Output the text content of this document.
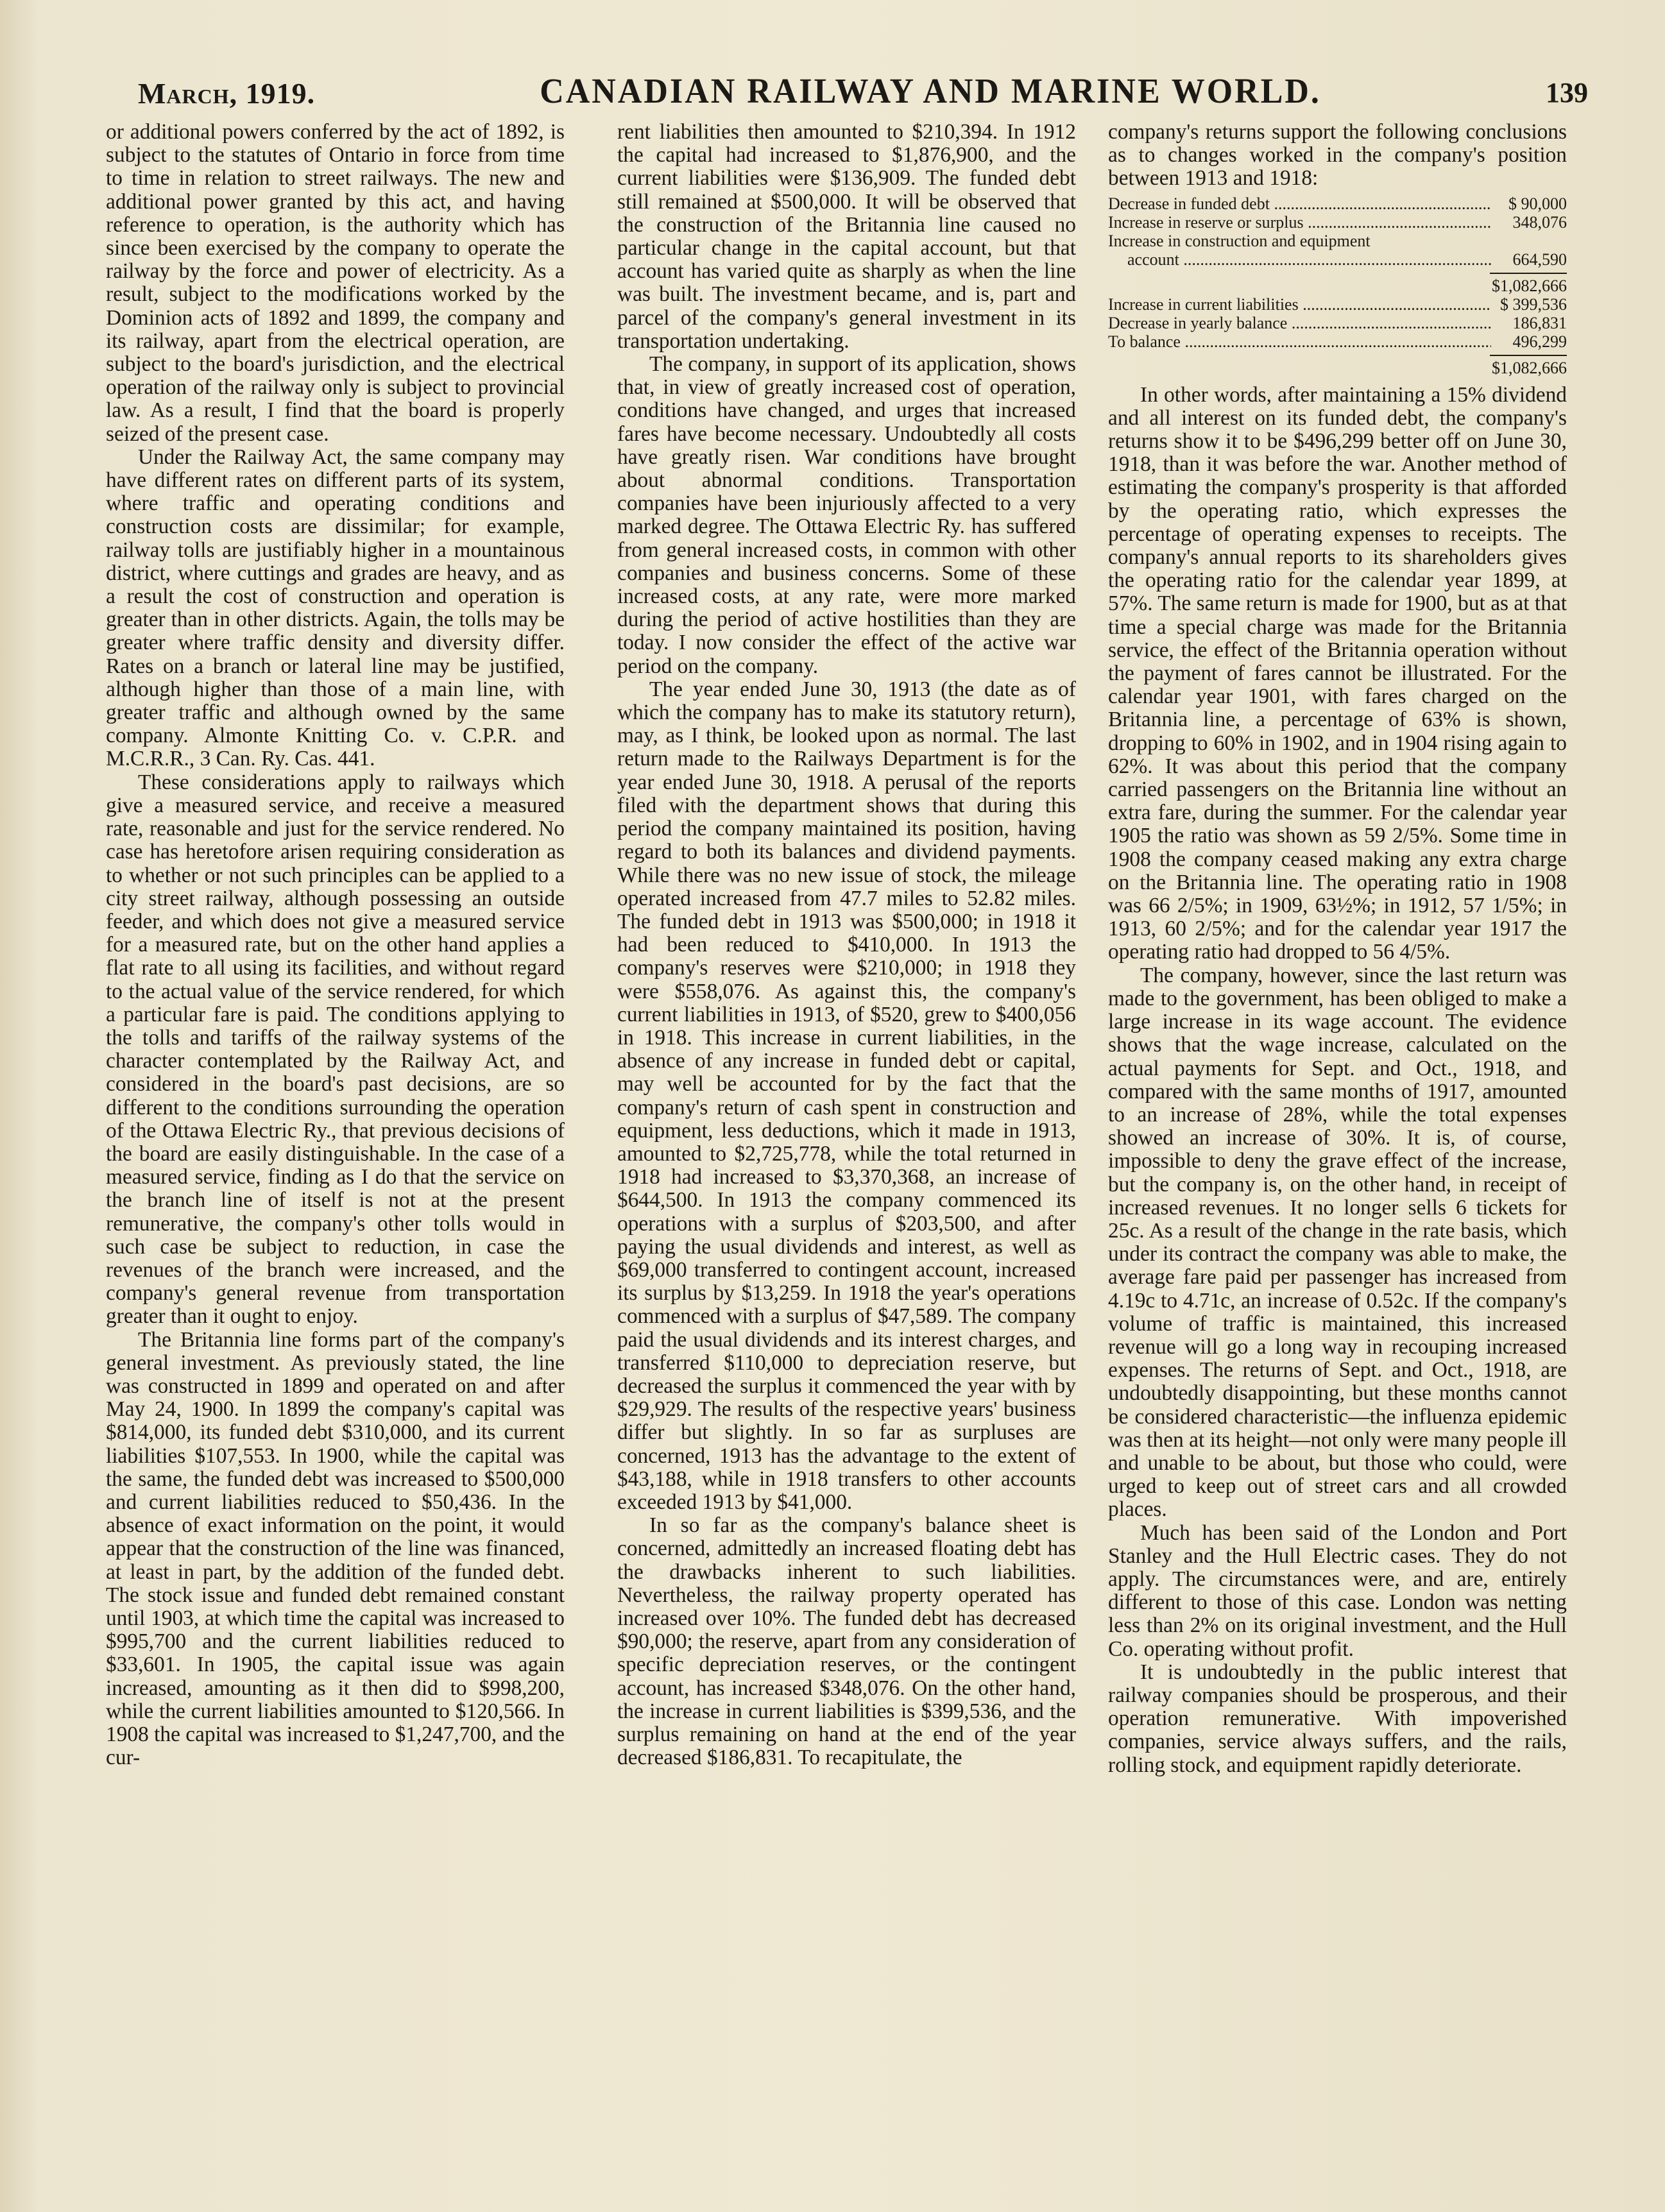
March, 1919.	CANADIAN RAILWAY AND MARINE WORLD.	139

or additional powers conferred by the act of 1892, is subject to the statutes of Ontario in force from time to time in relation to street railways. The new and additional power granted by this act, and having reference to operation, is the authority which has since been exercised by the company to operate the railway by the force and power of electricity. As a result, subject to the modifications worked by the Dominion acts of 1892 and 1899, the company and its railway, apart from the electrical operation, are subject to the board's jurisdiction, and the electrical operation of the railway only is subject to provincial law. As a result, I find that the board is properly seized of the present case.

Under the Railway Act, the same company may have different rates on different parts of its system, where traffic and operating conditions and construction costs are dissimilar; for example, railway tolls are justifiably higher in a mountainous district, where cuttings and grades are heavy, and as a result the cost of construction and operation is greater than in other districts. Again, the tolls may be greater where traffic density and diversity differ. Rates on a branch or lateral line may be justified, although higher than those of a main line, with greater traffic and although owned by the same company. Almonte Knitting Co. v. C.P.R. and M.C.R.R., 3 Can. Ry. Cas. 441.

These considerations apply to railways which give a measured service, and receive a measured rate, reasonable and just for the service rendered. No case has heretofore arisen requiring consideration as to whether or not such principles can be applied to a city street railway, although possessing an outside feeder, and which does not give a measured service for a measured rate, but on the other hand applies a flat rate to all using its facilities, and without regard to the actual value of the service rendered, for which a particular fare is paid. The conditions applying to the tolls and tariffs of the railway systems of the character contemplated by the Railway Act, and considered in the board's past decisions, are so different to the conditions surrounding the operation of the Ottawa Electric Ry., that previous decisions of the board are easily distinguishable. In the case of a measured service, finding as I do that the service on the branch line of itself is not at the present remunerative, the company's other tolls would in such case be subject to reduction, in case the revenues of the branch were increased, and the company's general revenue from transportation greater than it ought to enjoy.

The Britannia line forms part of the company's general investment. As previously stated, the line was constructed in 1899 and operated on and after May 24, 1900. In 1899 the company's capital was $814,000, its funded debt $310,000, and its current liabilities $107,553. In 1900, while the capital was the same, the funded debt was increased to $500,000 and current liabilities reduced to $50,436. In the absence of exact information on the point, it would appear that the construction of the line was financed, at least in part, by the addition of the funded debt. The stock issue and funded debt remained constant until 1903, at which time the capital was increased to $995,700 and the current liabilities reduced to $33,601. In 1905, the capital issue was again increased, amounting as it then did to $998,200, while the current liabilities amounted to $120,566. In 1908 the capital was increased to $1,247,700, and the cur-

rent liabilities then amounted to $210,394. In 1912 the capital had increased to $1,876,900, and the current liabilities were $136,909. The funded debt still remained at $500,000. It will be observed that the construction of the Britannia line caused no particular change in the capital account, but that account has varied quite as sharply as when the line was built. The investment became, and is, part and parcel of the company's general investment in its transportation undertaking.

The company, in support of its application, shows that, in view of greatly increased cost of operation, conditions have changed, and urges that increased fares have become necessary. Undoubtedly all costs have greatly risen. War conditions have brought about abnormal conditions. Transportation companies have been injuriously affected to a very marked degree. The Ottawa Electric Ry. has suffered from general increased costs, in common with other companies and business concerns. Some of these increased costs, at any rate, were more marked during the period of active hostilities than they are today. I now consider the effect of the active war period on the company.

The year ended June 30, 1913 (the date as of which the company has to make its statutory return), may, as I think, be looked upon as normal. The last return made to the Railways Department is for the year ended June 30, 1918. A perusal of the reports filed with the department shows that during this period the company maintained its position, having regard to both its balances and dividend payments. While there was no new issue of stock, the mileage operated increased from 47.7 miles to 52.82 miles. The funded debt in 1913 was $500,000; in 1918 it had been reduced to $410,000. In 1913 the company's reserves were $210,000; in 1918 they were $558,076. As against this, the company's current liabilities in 1913, of $520, grew to $400,056 in 1918. This increase in current liabilities, in the absence of any increase in funded debt or capital, may well be accounted for by the fact that the company's return of cash spent in construction and equipment, less deductions, which it made in 1913, amounted to $2,725,778, while the total returned in 1918 had increased to $3,370,368, an increase of $644,500. In 1913 the company commenced its operations with a surplus of $203,500, and after paying the usual dividends and interest, as well as $69,000 transferred to contingent account, increased its surplus by $13,259. In 1918 the year's operations commenced with a surplus of $47,589. The company paid the usual dividends and its interest charges, and transferred $110,000 to depreciation reserve, but decreased the surplus it commenced the year with by $29,929. The results of the respective years' business differ but slightly. In so far as surpluses are concerned, 1913 has the advantage to the extent of $43,188, while in 1918 transfers to other accounts exceeded 1913 by $41,000.

In so far as the company's balance sheet is concerned, admittedly an increased floating debt has the drawbacks inherent to such liabilities. Nevertheless, the railway property operated has increased over 10%. The funded debt has decreased $90,000; the reserve, apart from any consideration of specific depreciation reserves, or the contingent account, has increased $348,076. On the other hand, the increase in current liabilities is $399,536, and the surplus remaining on hand at the end of the year decreased $186,831. To recapitulate, the

company's returns support the following conclusions as to changes worked in the company's position between 1913 and 1918:

Decrease in funded debt .....	$ 90,000
Increase in reserve or surplus .....	348,076
Increase in construction and equipment
account .....	664,590
$1,082,666
Increase in current liabilities .....	$ 399,536
Decrease in yearly balance .....	186,831
To balance .....	496,299
$1,082,666

In other words, after maintaining a 15% dividend and all interest on its funded debt, the company's returns show it to be $496,299 better off on June 30, 1918, than it was before the war. Another method of estimating the company's prosperity is that afforded by the operating ratio, which expresses the percentage of operating expenses to receipts. The company's annual reports to its shareholders gives the operating ratio for the calendar year 1899, at 57%. The same return is made for 1900, but as at that time a special charge was made for the Britannia service, the effect of the Britannia operation without the payment of fares cannot be illustrated. For the calendar year 1901, with fares charged on the Britannia line, a percentage of 63% is shown, dropping to 60% in 1902, and in 1904 rising again to 62%. It was about this period that the company carried passengers on the Britannia line without an extra fare, during the summer. For the calendar year 1905 the ratio was shown as 59 2/5%. Some time in 1908 the company ceased making any extra charge on the Britannia line. The operating ratio in 1908 was 66 2/5%; in 1909, 63½%; in 1912, 57 1/5%; in 1913, 60 2/5%; and for the calendar year 1917 the operating ratio had dropped to 56 4/5%.

The company, however, since the last return was made to the government, has been obliged to make a large increase in its wage account. The evidence shows that the wage increase, calculated on the actual payments for Sept. and Oct., 1918, and compared with the same months of 1917, amounted to an increase of 28%, while the total expenses showed an increase of 30%. It is, of course, impossible to deny the grave effect of the increase, but the company is, on the other hand, in receipt of increased revenues. It no longer sells 6 tickets for 25c. As a result of the change in the rate basis, which under its contract the company was able to make, the average fare paid per passenger has increased from 4.19c to 4.71c, an increase of 0.52c. If the company's volume of traffic is maintained, this increased revenue will go a long way in recouping increased expenses. The returns of Sept. and Oct., 1918, are undoubtedly disappointing, but these months cannot be considered characteristic—the influenza epidemic was then at its height—not only were many people ill and unable to be about, but those who could, were urged to keep out of street cars and all crowded places.

Much has been said of the London and Port Stanley and the Hull Electric cases. They do not apply. The circumstances were, and are, entirely different to those of this case. London was netting less than 2% on its original investment, and the Hull Co. operating without profit.

It is undoubtedly in the public interest that railway companies should be prosperous, and their operation remunerative. With impoverished companies, service always suffers, and the rails, rolling stock, and equipment rapidly deteriorate.
